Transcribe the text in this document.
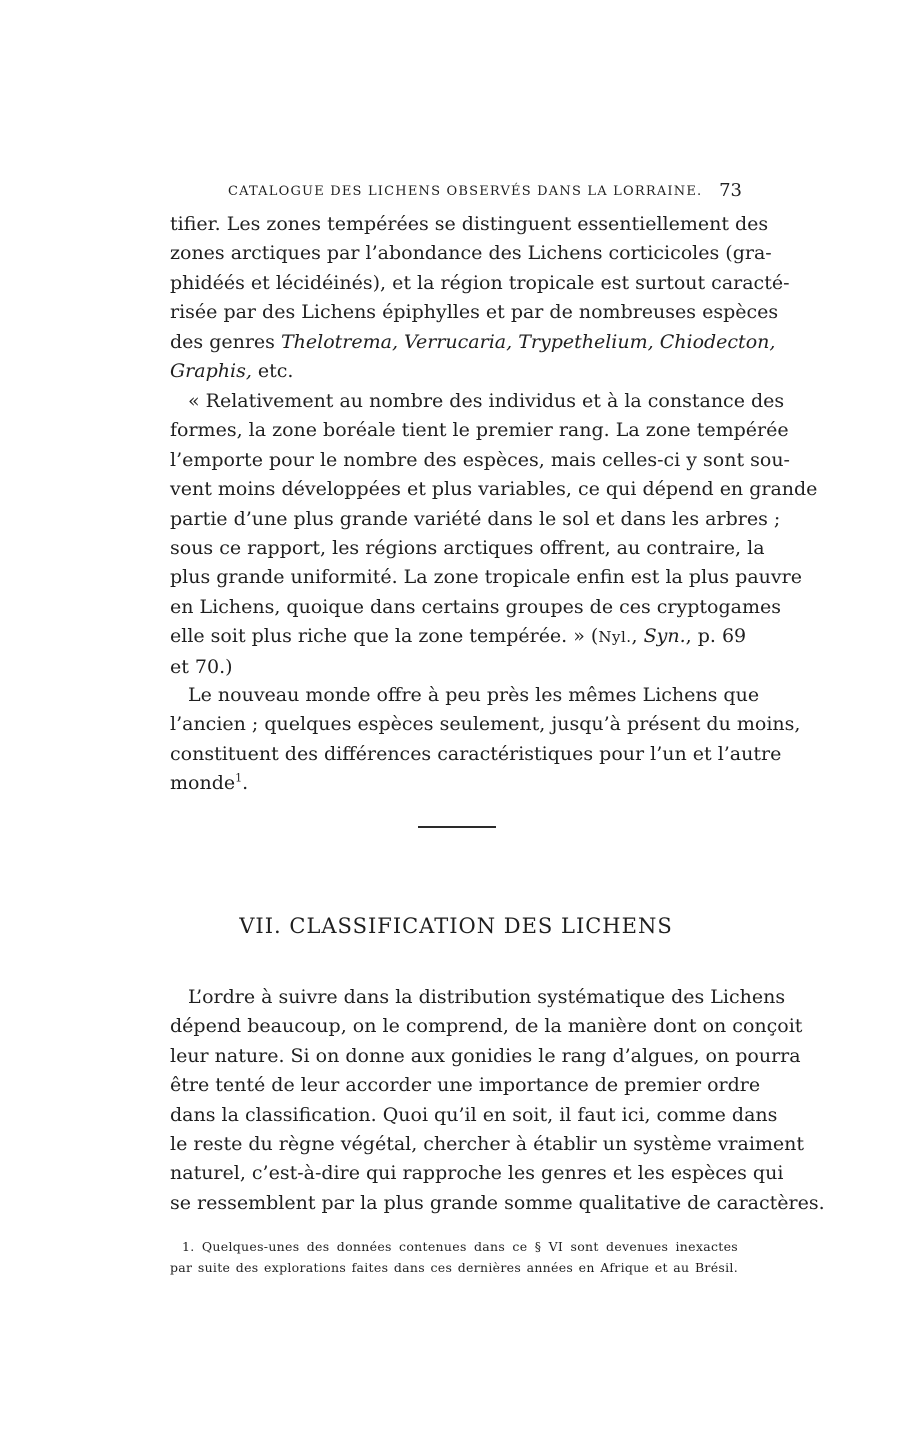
CATALOGUE DES LICHENS OBSERVÉS DANS LA LORRAINE. 73
tifier. Les zones tempérées se distinguent essentiellement des
zones arctiques par l’abondance des Lichens corticicoles (gra-
phidéés et lécidéinés), et la région tropicale est surtout caracté-
risée par des Lichens épiphylles et par de nombreuses espèces
des genres Thelotrema, Verrucaria, Trypethelium, Chiodecton,
Graphis, etc.
« Relativement au nombre des individus et à la constance des
formes, la zone boréale tient le premier rang. La zone tempérée
l’emporte pour le nombre des espèces, mais celles-ci y sont sou-
vent moins développées et plus variables, ce qui dépend en grande
partie d’une plus grande variété dans le sol et dans les arbres ;
sous ce rapport, les régions arctiques offrent, au contraire, la
plus grande uniformité. La zone tropicale enfin est la plus pauvre
en Lichens, quoique dans certains groupes de ces cryptogames
elle soit plus riche que la zone tempérée. » (Nyl., Syn., p. 69
et 70.)
Le nouveau monde offre à peu près les mêmes Lichens que
l’ancien ; quelques espèces seulement, jusqu’à présent du moins,
constituent des différences caractéristiques pour l’un et l’autre
monde$^1$.
VII. CLASSIFICATION DES LICHENS
L’ordre à suivre dans la distribution systématique des Lichens
dépend beaucoup, on le comprend, de la manière dont on conçoit
leur nature. Si on donne aux gonidies le rang d’algues, on pourra
être tenté de leur accorder une importance de premier ordre
dans la classification. Quoi qu’il en soit, il faut ici, comme dans
le reste du règne végétal, chercher à établir un système vraiment
naturel, c’est-à-dire qui rapproche les genres et les espèces qui
se ressemblent par la plus grande somme qualitative de caractères.
1. Quelques-unes des données contenues dans ce § VI sont devenues inexactes
par suite des explorations faites dans ces dernières années en Afrique et au Brésil.
